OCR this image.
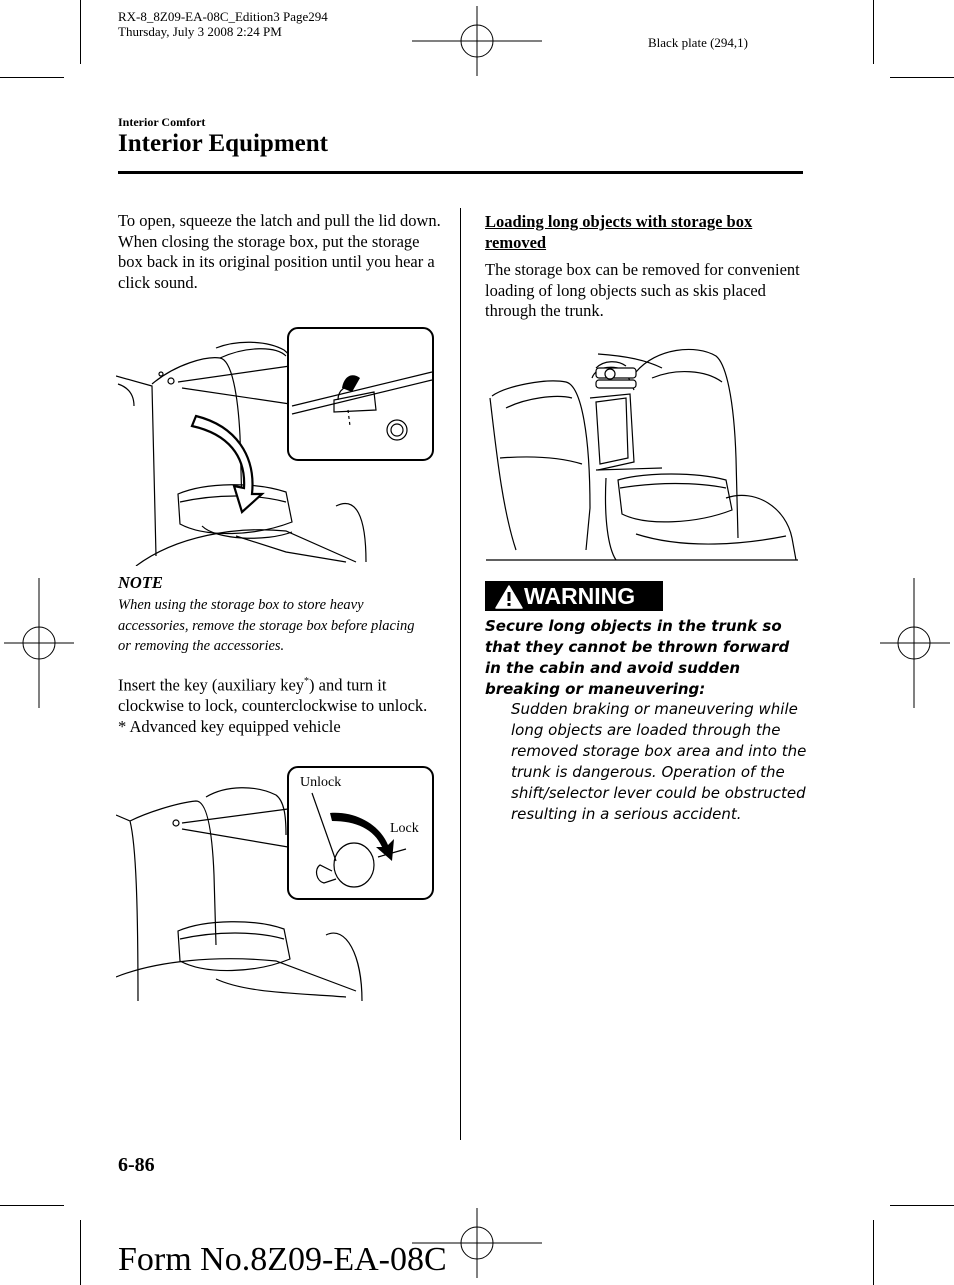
RX-8_8Z09-EA-08C_Edition3 Page294
Thursday, July 3 2008 2:24 PM
Black plate (294,1)
Interior Comfort
Interior Equipment
To open, squeeze the latch and pull the lid down.
When closing the storage box, put the storage box back in its original position until you hear a click sound.
NOTE
When using the storage box to store heavy accessories, remove the storage box before placing or removing the accessories.
Insert the key (auxiliary key*) and turn it clockwise to lock, counterclockwise to unlock.
* Advanced key equipped vehicle
Unlock
Lock
Loading long objects with storage box removed
The storage box can be removed for convenient loading of long objects such as skis placed through the trunk.
WARNING
Secure long objects in the trunk so that they cannot be thrown forward in the cabin and avoid sudden breaking or maneuvering:
Sudden braking or maneuvering while long objects are loaded through the removed storage box area and into the trunk is dangerous. Operation of the shift/selector lever could be obstructed resulting in a serious accident.
6-86
Form No.8Z09-EA-08C
